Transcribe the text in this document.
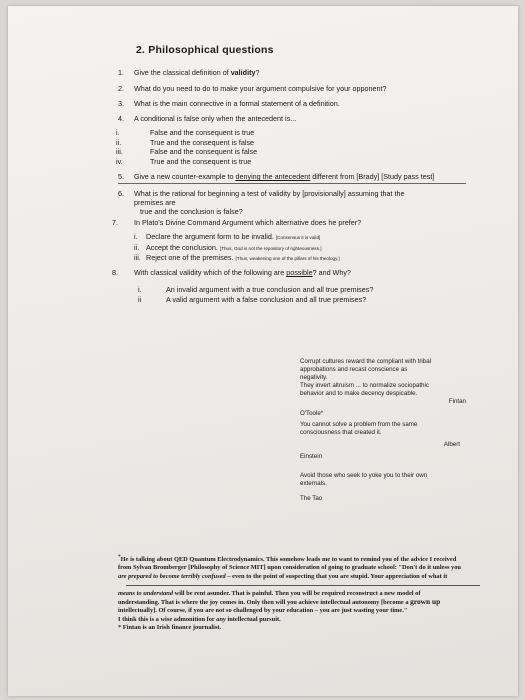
2. Philosophical questions
1. Give the classical definition of validity?
2. What do you need to do to make your argument compulsive for your opponent?
3. What is the main connective in a formal statement of a definition.
4. A conditional is false only when the antecedent is...
i.	False and the consequent is true
ii.	True and the consequent is false
iii.	False and the consequent is false
iv.	True and the consequent is true
5. Give a new counter-example to denying the antecedent different from [Brady] [Study pass test]
6. What is the rational for beginning a test of validity by [provisionally] assuming that the
premises are
true and the conclusion is false?
7. In Plato's Divine Command Argument which alternative does he prefer?
i. Declare the argument form to be invalid. [Consensus it is valid]
ii. Accept the conclusion. [Thus, God is not the repository of righteousness.]
iii. Reject one of the premises. [Thus, weakening one of the pillars of his theology.]
8. With classical validity which of the following are possible? and Why?
i.	An invalid argument with a true conclusion and all true premises?
ii	A valid argument with a false conclusion and all true premises?
Corrupt cultures reward the compliant with tribal
approbations and recast conscience as
negativity.
They invert altruism ... to normalize sociopathic
behavior and to make decency despicable.
Fintan
O'Toole*
You cannot solve a problem from the same
consciousness that created it.
Albert
Einstein
Avoid those who seek to yoke you to their own
externals.
The Tao
*He is talking about QED Quantum Electrodynamics. This somehow leads me to want to remind you of the advice I received
from Sylvan Bromberger [Philosophy of Science MIT] upon consideration of going to graduate school: "Don't do it unless you
are prepared to become terribly confused – even to the point of suspecting that you are stupid. Your appreciation of what it
means to understand will be rent asunder. That is painful. Then you will be required reconstruct a new model of
understanding. That is where the joy comes in. Only then will you achieve intellectual autonomy [become a grown up
intellectually]. Of course, if you are not so challenged by your education – you are just wasting your time."
I think this is a wise admonition for any intellectual pursuit.
* Fintan is an Irish finance journalist.
